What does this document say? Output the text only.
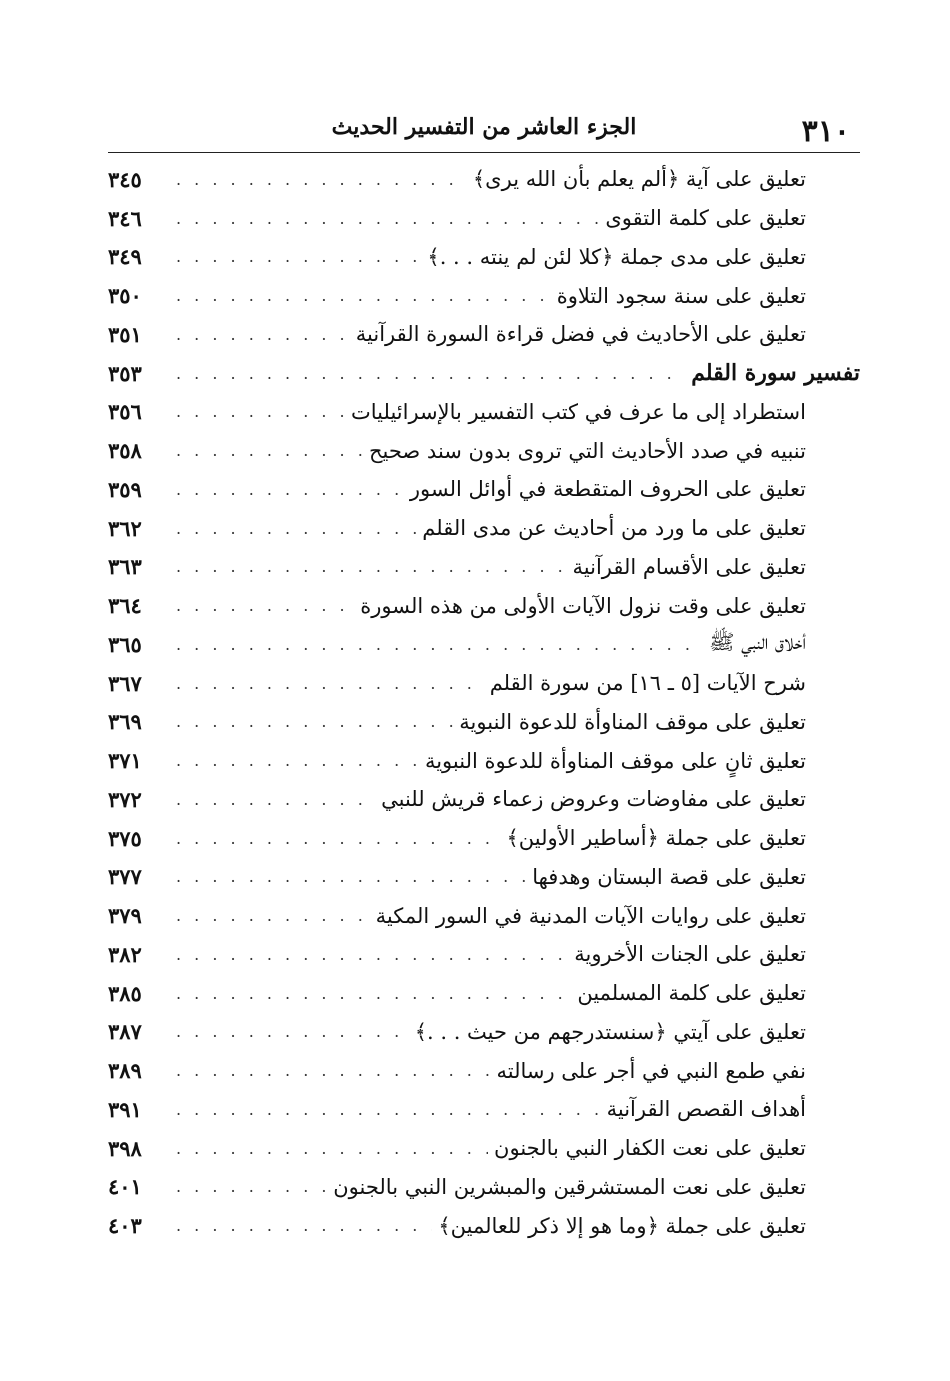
٣١٠
الجزء العاشر من التفسير الحديث
تعليق على آية ﴿ألم يعلم بأن الله يرى﴾
. . .
٣٤٥
تعليق على كلمة التقوى
. . .
٣٤٦
تعليق على مدى جملة ﴿كلا لئن لم ينته . . .﴾
. . .
٣٤٩
تعليق على سنة سجود التلاوة
. . .
٣٥٠
تعليق على الأحاديث في فضل قراءة السورة القرآنية
. . .
٣٥١
تفسير سورة القلم
. . .
٣٥٣
استطراد إلى ما عرف في كتب التفسير بالإسرائيليات
. . .
٣٥٦
تنبيه في صدد الأحاديث التي تروى بدون سند صحيح
. . .
٣٥٨
تعليق على الحروف المتقطعة في أوائل السور
. . .
٣٥٩
تعليق على ما ورد من أحاديث عن مدى القلم
. . .
٣٦٢
تعليق على الأقسام القرآنية
. . .
٣٦٣
تعليق على وقت نزول الآيات الأولى من هذه السورة
. . .
٣٦٤
أخلاق النبي ﷺ
. . .
٣٦٥
شرح الآيات [٥ ـ ١٦] من سورة القلم
. . .
٣٦٧
تعليق على موقف المناوأة للدعوة النبوية
. . .
٣٦٩
تعليق ثانٍ على موقف المناوأة للدعوة النبوية
. . .
٣٧١
تعليق على مفاوضات وعروض زعماء قريش للنبي
. . .
٣٧٢
تعليق على جملة ﴿أساطير الأولين﴾
. . .
٣٧٥
تعليق على قصة البستان وهدفها
. . .
٣٧٧
تعليق على روايات الآيات المدنية في السور المكية
. . .
٣٧٩
تعليق على الجنات الأخروية
. . .
٣٨٢
تعليق على كلمة المسلمين
. . .
٣٨٥
تعليق على آيتي ﴿سنستدرجهم من حيث . . .﴾
. . .
٣٨٧
نفي طمع النبي في أجر على رسالته
. . .
٣٨٩
أهداف القصص القرآنية
. . .
٣٩١
تعليق على نعت الكفار النبي بالجنون
. . .
٣٩٨
تعليق على نعت المستشرقين والمبشرين النبي بالجنون
. . .
٤٠١
تعليق على جملة ﴿وما هو إلا ذكر للعالمين﴾
. . .
٤٠٣
